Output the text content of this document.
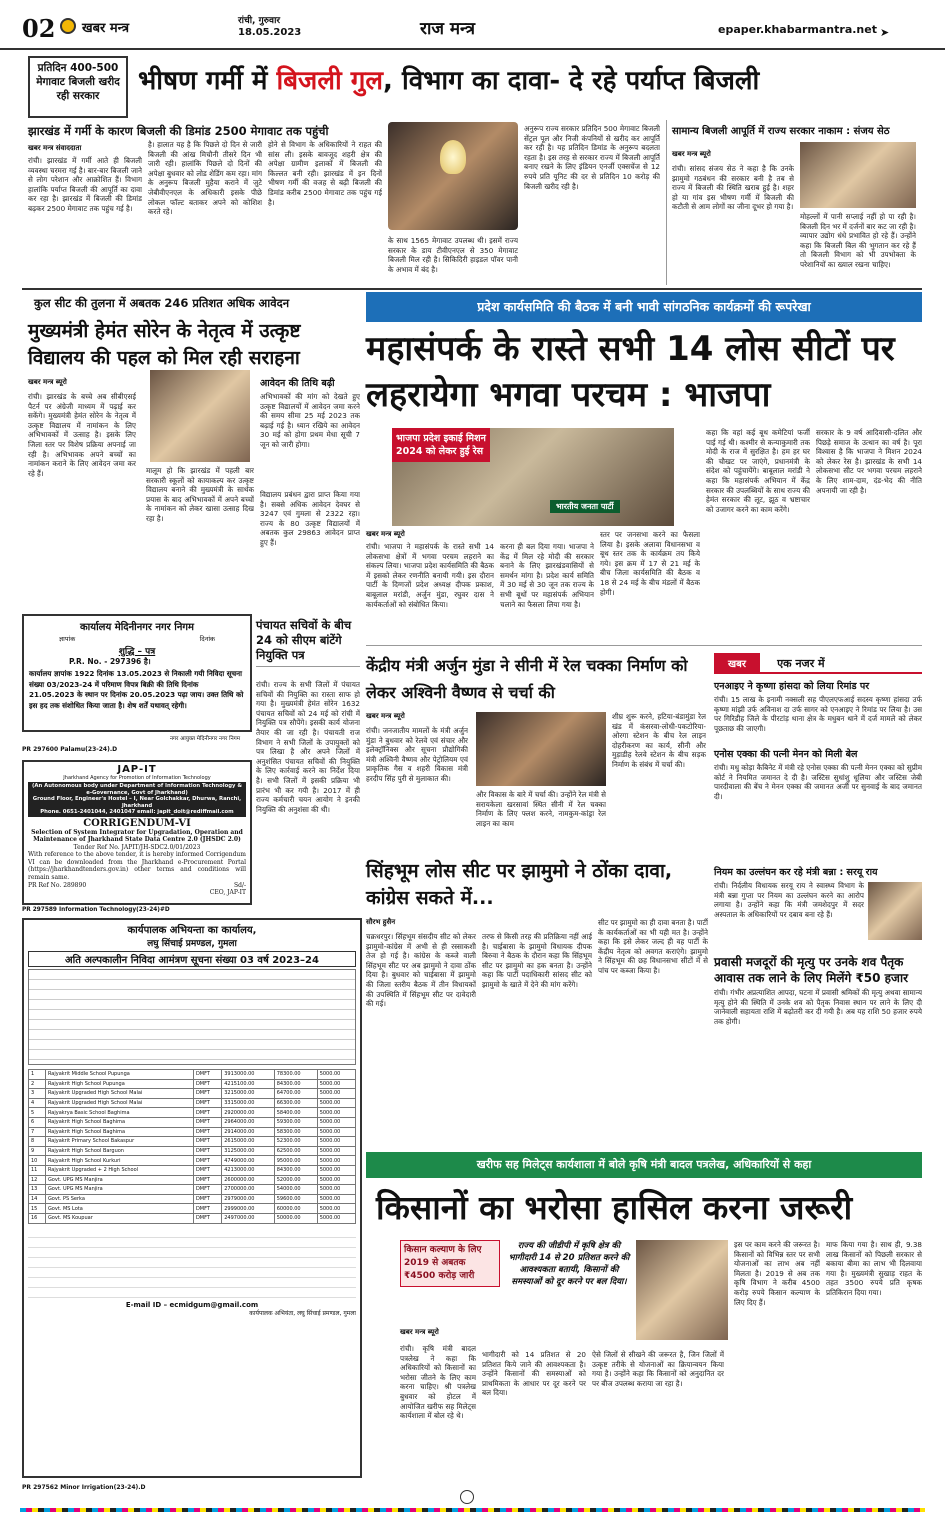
02 खबर मन्त्र	रांची, गुरुवार
18.05.2023	राज मन्त्र	epaper.khabarmantra.net ➤
प्रतिदिन 400-500 मेगावाट बिजली खरीद रही सरकार	भीषण गर्मी में बिजली गुल, विभाग का दावा- दे रहे पर्याप्त बिजली
झारखंड में गर्मी के कारण बिजली की डिमांड 2500 मेगावाट तक पहुंची
खबर मन्त्र संवाददाता
रांची। झारखंड में गर्मी आते ही बिजली व्यवस्था चरमरा गई है। बार-बार बिजली जाने से लोग परेशान और आक्रोशित हैं। विभाग हालांकि पर्याप्त बिजली की आपूर्ति का दावा कर रहा है। झारखंड में बिजली की डिमांड बढ़कर 2500 मेगावाट तक पहुंच गई है।
है। हालात यह है कि पिछले दो दिन से जारी बिजली की आंख मिचौनी तीसरे दिन भी जारी रही। हालांकि पिछले दो दिनों की अपेक्षा बुधवार को लोड शेडिंग कम रहा। मांग के अनुरूप बिजली मुहैया कराने में जुटे जेबीवीएनएल के अधिकारी इसके पीछे लोकल फॉल्ट बताकर अपने को कोशिश करते रहे।
होने से विभाग के अधिकारियों ने राहत की सांस ली। इसके बावजूद शहरी क्षेत्र की अपेक्षा ग्रामीण इलाकों में बिजली की किल्लत बनी रही। झारखंड में इन दिनों भीषण गर्मी की वजह से बढ़ी बिजली की डिमांड करीब 2500 मेगावाट तक पहुंच गई है।
के साथ 1565 मेगावाट उपलब्ध थी। इसमें राज्य सरकार के डाय टीवीएनएल से 350 मेगावाट बिजली मिल रही है। सिकिदिरी हाइडल पॉवर पानी के अभाव में बंद है।
अनुरूप राज्य सरकार प्रतिदिन 500 मेगावाट बिजली सेंट्रल पूल और निजी कंपनियों से खरीद कर आपूर्ति कर रही है। यह प्रतिदिन डिमांड के अनुरूप बदलता रहता है। इस तरह से सरकार राज्य में बिजली आपूर्ति बनाए रखने के लिए इंडियन एनर्जी एक्सचेंज से 12 रुपये प्रति यूनिट की दर से प्रतिदिन 10 करोड़ की बिजली खरीद रही है।
सामान्य बिजली आपूर्ति में राज्य सरकार नाकाम : संजय सेठ
खबर मन्त्र ब्यूरो
रांची। सांसद संजय सेठ ने कहा है कि उनके झामुमो गठबंधन की सरकार बनी है तब से राज्य में बिजली की स्थिति खराब हुई है। शहर हो या गांव इस भीषण गर्मी में बिजली की कटौती से आम लोगों का जीना दूभर हो गया है।
मोहल्लों में पानी सप्लाई नहीं हो पा रही है। बिजली दिन भर में दर्जनों बार कट जा रही है। व्यापार उद्योग धंधे प्रभावित हो रहे हैं। उन्होंने कहा कि बिजली बिल की भुगतान कर रहे हैं तो बिजली विभाग को भी उपभोक्ता के परेशानियों का ख्याल रखना चाहिए।
कुल सीट की तुलना में अबतक 246 प्रतिशत अधिक आवेदन
मुख्यमंत्री हेमंत सोरेन के नेतृत्व में उत्कृष्ट विद्यालय की पहल को मिल रही सराहना
खबर मन्त्र ब्यूरो
रांची। झारखंड के बच्चे अब सीबीएसई पैटर्न पर अंग्रेजी माध्यम में पढ़ाई कर सकेंगे। मुख्यमंत्री हेमंत सोरेन के नेतृत्व में उत्कृष्ट विद्यालय में नामांकन के लिए अभिभावकों में उत्साह है। इसके लिए जिला स्तर पर विशेष प्रक्रिया अपनाई जा रही है। अभिभावक अपने बच्चों का नामांकन कराने के लिए आवेदन जमा कर रहे हैं।	मालूम हो कि झारखंड में पहली बार सरकारी स्कूलों को कायाकल्प कर उत्कृष्ट विद्यालय बनाने की मुख्यमंत्री के सार्थक प्रयास के बाद अभिभावकों में अपने बच्चों के नामांकन को लेकर खासा उत्साह दिख रहा है।
आवेदन की तिथि बढ़ी
अभिभावकों की मांग को देखते हुए उत्कृष्ट विद्यालयों में आवेदन जमा करने की समय सीमा 25 मई 2023 तक बढ़ाई गई है। ध्यान रखिये का आवेदन 30 मई को होगा प्रथम मेधा सूची 7 जून को जारी होगा।
विद्यालय प्रबंधन द्वारा प्राप्त किया गया है। सबसे अधिक आवेदन देवघर से 3247 एवं गुमला से 2322 रहा। राज्य के 80 उत्कृष्ट विद्यालयों में अबतक कुल 29863 आवेदन प्राप्त हुए हैं।
कार्यालय मेदिनीनगर नगर निगम
ज्ञापांक	दिनांक
शुद्धि – पत्र
P.R. No. - 297396 है।
कार्यालय ज्ञापांक 1922 दिनांक 13.05.2023 से निकाली गयी निविदा सूचना संख्या 03/2023-24 में परिमाण विपत्र बिक्री की तिथि दिनांक 21.05.2023 के स्थान पर दिनांक 20.05.2023 पढ़ा जाय। उक्त तिथि को इस हद तक संशोधित किया जाता है। शेष शर्तें यथावत् रहेगी।
नगर आयुक्त मेदिनीनगर नगर निगम
PR 297600 Palamu(23-24).D
JAP-IT
Jharkhand Agency for Promotion of Information Technology
(An Autonomous body under Department of Information Technology & e-Governance, Govt of Jharkhand)
Ground Floor, Engineer's Hostel – I, Near Golchakkar, Dhurwa, Ranchi, Jharkhand
Phone. 0651-2401044, 2401047 email: japit_doit@rediffmail.com
CORRIGENDUM-VI
Selection of System Integrator for Upgradation, Operation and Maintenance of Jharkhand State Data Centre 2.0 (JHSDC 2.0)
Tender Ref No. JAPIT/JH-SDC2.0/01/2023
With reference to the above tender, it is hereby informed Corrigendum VI can be downloaded from the Jharkhand e-Procurement Portal (https://jharkhandtenders.gov.in) other terms and conditions will remain same.
PR Ref No. 289890	Sd/-
CEO, JAP-IT
PR 297589 Information Technology(23-24)#D
पंचायत सचिवों के बीच 24 को सीएम बांटेंगे नियुक्ति पत्र
रांची। राज्य के सभी जिलों में पंचायत सचिवों की नियुक्ति का रास्ता साफ हो गया है। मुख्यमंत्री हेमंत सोरेन 1632 पंचायत सचिवों को 24 मई को रांची में नियुक्ति पत्र सौपेंगे। इसकी कार्य योजना तैयार की जा रही है। पंचायती राज विभाग ने सभी जिलों के उपायुक्तों को पत्र लिखा है और अपने जिलों में अनुशंसित पंचायत सचिवों की नियुक्ति के लिए कार्रवाई करने का निर्देश दिया है। सभी जिलों में इसकी प्रक्रिया भी प्रारंभ भी कर गयी है। 2017 में ही राज्य कर्मचारी चयन आयोग ने इनकी नियुक्ति की अनुशंसा की थी।
कार्यपालक अभियन्ता का कार्यालय,
लघु सिंचाई प्रमण्डल, गुमला
अति अल्पकालीन निविदा आमंत्रण सूचना संख्या 03 वर्ष 2023–24
1	Rajyakrit Middle School Pupunga	DMFT	3913000.00	78300.00	5000.00
2	Rajyakrit High School Pupunga	DMFT	4215100.00	84300.00	5000.00
3	Rajyakrit Upgraded High School Malai	DMFT	3215000.00	64700.00	5000.00
4	Rajyakrit Upgraded High School Malai	DMFT	3315000.00	66300.00	5000.00
5	Rajyakrya Basic School Baghima	DMFT	2920000.00	58400.00	5000.00
6	Rajyakrit High School Baghima	DMFT	2964000.00	59300.00	5000.00
7	Rajyakrit High School Baghima	DMFT	2914000.00	58300.00	5000.00
8	Rajyakrit Primary School Bakaspur	DMFT	2615000.00	52300.00	5000.00
9	Rajyakrit High School Barguon	DMFT	3125000.00	62500.00	5000.00
10	Rajyakrit High School Kurkuri	DMFT	4749000.00	95000.00	5000.00
11	Rajyakrit Upgraded + 2 High School	DMFT	4213000.00	84300.00	5000.00
12	Govt. UPG MS Manjira	DMFT	2600000.00	52000.00	5000.00
13	Govt. UPG MS Manjira	DMFT	2700000.00	54000.00	5000.00
14	Govt. PS Serka	DMFT	2979000.00	59600.00	5000.00
15	Govt. MS Lota	DMFT	2999000.00	60000.00	5000.00
16	Govt. MS Koupuar	DMFT	2497000.00	50000.00	5000.00
E-mail ID – ecmidgum@gmail.com
कार्यपालक अभियंता, लघु सिंचाई प्रमण्डल, गुमला
PR 297562 Minor Irrigation(23-24).D
प्रदेश कार्यसमिति की बैठक में बनी भावी सांगठनिक कार्यक्रमों की रूपरेखा
महासंपर्क के रास्ते सभी 14 लोस सीटों पर लहरायेगा भगवा परचम : भाजपा
भाजपा प्रदेश इकाई मिशन 2024 को लेकर हुई रेस
भारतीय जनता पार्टी
खबर मन्त्र ब्यूरो
रांची। भाजपा ने महासंपर्क के रास्ते सभी 14 लोकसभा क्षेत्रों में भगवा परचम लहराने का संकल्प लिया। भाजपा प्रदेश कार्यसमिति की बैठक में इसको लेकर रणनीति बनायी गयी। इस दौरान पार्टी के दिग्गजों प्रदेश अध्यक्ष दीपक प्रकाश, बाबूलाल मरांडी, अर्जुन मुंडा, रघुवर दास ने कार्यकर्ताओं को संबोधित किया।
करना ही बल दिया गया। भाजपा ने केंद्र में मिल रहे मोदी की सरकार बनाने के लिए झारखंडवासियों से समर्थन मांगा है। प्रदेश कार्य समिति में 30 मई से 30 जून तक राज्य के सभी बूथों पर महासंपर्क अभियान चलाने का फैसला लिया गया है।
स्तर पर जनसभा करने का फैसला लिया है। इसके अलावा विधानसभा व बूथ स्तर तक के कार्यक्रम तय किये गये। इस क्रम में 17 से 21 मई के बीच जिला कार्यसमिति की बैठक व 18 से 24 मई के बीच मंडलों में बैठक होगी।
कहा कि वहां कई बूथ कमेटियां फर्जी पाई गई थी। कश्मीर से कन्याकुमारी तक मोदी के राज में सुरक्षित है। हम हर घर की चौखट पर जाएंगे, प्रधानमंत्री के संदेश को पहुंचायेंगे। बाबूलाल मरांडी ने कहा कि महासंपर्क अभियान में केंद्र सरकार की उपलब्धियों के साथ राज्य की हेमंत सरकार की लूट, झूठ व भ्रष्टाचार को उजागर करने का काम करेंगे।
सरकार के 9 वर्ष आदिवासी-दलित और पिछड़े समाज के उत्थान का वर्ष है। पूरा विश्वास है कि भाजपा ने मिशन 2024 को लेकर रेस है। झारखंड के सभी 14 लोकसभा सीट पर भगवा परचम लहराने के लिए शाम-दाम, दंड-भेद की नीति अपनायी जा रही है।
केंद्रीय मंत्री अर्जुन मुंडा ने सीनी में रेल चक्का निर्माण को लेकर अश्विनी वैष्णव से चर्चा की
खबर मन्त्र ब्यूरो
रांची। जनजातीय मामलों के मंत्री अर्जुन मुंडा ने बुधवार को रेलवे एवं संचार और इलेक्ट्रॉनिक्स और सूचना प्रौद्योगिकी मंत्री अश्विनी वैष्णव और पेट्रोलियम एवं प्राकृतिक गैस व शहरी विकास मंत्री हरदीप सिंह पुरी से मुलाकात की।
और विकास के बारे में चर्चा की। उन्होंने रेल मंत्री से सरायकेला खरसावां स्थित सीनी में रेल चक्का निर्माण के लिए फ्लश करने, नामकुम-कांड्रा रेल लाइन का काम
शीघ्र शुरू करने, हटिया-बंडामुंडा रेल खंड में कंसरवा-लोधी-पकटोरिया-ओरगा स्टेशन के बीच रेल लाइन दोहरीकरण का कार्य, सीनी और मुड़ाडीह रेलवे स्टेशन के बीच सड़क निर्माण के संबंध में चर्चा की।
सिंहभूम लोस सीट पर झामुमो ने ठोंका दावा, कांग्रेस सकते में...
सौरभ हुसैन
चक्रधरपुर। सिंहभूम संसदीय सीट को लेकर झामुमो-कांग्रेस में अभी से ही रस्साकशी तेज हो गई है। कांग्रेस के कब्जे वाली सिंहभूम सीट पर अब झामुमो ने दावा ठोंक दिया है। बुधवार को चाईबासा में झामुमो की जिला स्तरीय बैठक में तीन विधायकों की उपस्थिति में सिंहभूम सीट पर दावेदारी की गई।
तरफ से किसी तरह की प्रतिक्रिया नहीं आई है। चाईबासा के झामुमो विधायक दीपक बिरुवा ने बैठक के दौरान कहा कि सिंहभूम सीट पर झामुमो का हक बनता है। उन्होंने कहा कि पार्टी पदाधिकारी सांसद सीट को झामुमो के खाते में देने की मांग करेंगे।
सीट पर झामुमो का ही दावा बनता है। पार्टी के कार्यकर्ताओं का भी यही मत है। उन्होंने कहा कि इसे लेकर जल्द ही वह पार्टी के केंद्रीय नेतृत्व को अवगत कराएंगे। झामुमो ने सिंहभूम की छह विधानसभा सीटों में से पांच पर कब्जा किया है।
खबर	एक नजर में
एनआइए ने कृष्णा हांसदा को लिया रिमांड पर
रांची। 15 लाख के इनामी नक्सली सह पीएलएफआई सदस्य कृष्णा हांसदा उर्फ कृष्णा मांझी उर्फ अविनाश दा उर्फ सागर को एनआइए ने रिमांड पर लिया है। उस पर गिरिडीह जिले के पीरटांड़ थाना क्षेत्र के मधुबन थाने में दर्ज मामले को लेकर पूछताछ की जाएगी।
एनोस एक्का की पत्नी मेनन को मिली बेल
रांची। मधु कोड़ा कैबिनेट में मंत्री रहे एनोस एक्का की पत्नी मेनन एक्का को सुप्रीम कोर्ट ने नियमित जमानत दे दी है। जस्टिस सुधांशु धूलिया और जस्टिस जेबी पारदीवाला की बेंच ने मेनन एक्का की जमानत अर्जी पर सुनवाई के बाद जमानत दी।
नियम का उल्लंघन कर रहे मंत्री बन्ना : सरयू राय
रांची। निर्दलीय विधायक सरयू राय ने स्वास्थ्य विभाग के मंत्री बन्ना गुप्ता पर नियम का उल्लंघन करने का आरोप लगाया है। उन्होंने कहा कि मंत्री जमशेदपुर में सदर अस्पताल के अधिकारियों पर दबाव बना रहे हैं।
प्रवासी मजदूरों की मृत्यु पर उनके शव पैतृक आवास तक लाने के लिए मिलेंगे ₹50 हजार
रांची। गंभीर अप्रत्याशित आपदा, घटना में प्रवासी श्रमिकों की मृत्यु अथवा सामान्य मृत्यु होने की स्थिति में उनके शव को पैतृक निवास स्थान पर लाने के लिए दी जानेवाली सहायता राशि में बढ़ोतरी कर दी गयी है। अब यह राशि 50 हजार रुपये तक होगी।
खरीफ सह मिलेट्स कार्यशाला में बोले कृषि मंत्री बादल पत्रलेख, अधिकारियों से कहा
किसानों का भरोसा हासिल करना जरूरी
किसान कल्याण के लिए 2019 से अबतक ₹4500 करोड़ जारी
राज्य की जीडीपी में कृषि क्षेत्र की भागीदारी 14 से 20 प्रतिशत करने की आवश्यकता बतायी, किसानों की समस्याओं को दूर करने पर बल दिया।
खबर मन्त्र ब्यूरो
रांची। कृषि मंत्री बादल पत्रलेख ने कहा कि अधिकारियों को किसानों का भरोसा जीतने के लिए काम करना चाहिए। श्री पत्रलेख बुधवार को होटल में आयोजित खरीफ सह मिलेट्स कार्यशाला में बोल रहे थे।
भागीदारी को 14 प्रतिशत से 20 प्रतिशत किये जाने की आवश्यकता है। उन्होंने किसानों की समस्याओं को प्राथमिकता के आधार पर दूर करने पर बल दिया।
ऐसे जिलों से सीखने की जरूरत है, जिन जिलों में उत्कृष्ट तरीके से योजनाओं का क्रियान्वयन किया गया है। उन्होंने कहा कि किसानों को अनुदानित दर पर बीज उपलब्ध कराया जा रहा है।
इस पर काम करने की जरूरत है। किसानों को विभिन्न स्तर पर सभी योजनाओं का लाभ अब नहीं मिलता है। 2019 से अब तक कृषि विभाग ने करीब 4500 करोड़ रुपये किसान कल्याण के लिए दिए हैं।
माफ किया गया है। साथ ही, 9.38 लाख किसानों को पिछली सरकार से बकाया बीमा का लाभ भी दिलवाया गया है। मुख्यमंत्री सुखाड़ राहत के तहत 3500 रुपये प्रति कृषक प्रतिकिरान दिया गया।
